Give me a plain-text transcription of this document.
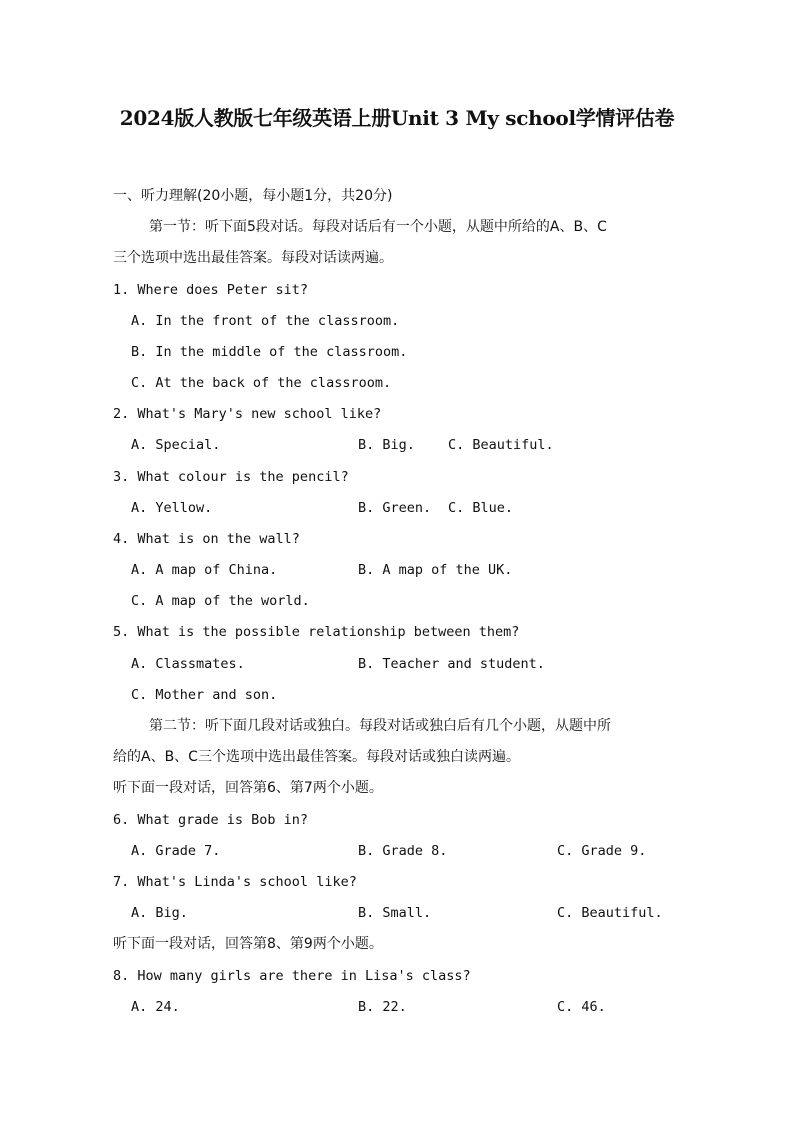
2024版人教版七年级英语上册Unit 3 My school学情评估卷
一、听力理解(20小题，每小题1分，共20分)
第一节：听下面5段对话。每段对话后有一个小题，从题中所给的A、B、C
三个选项中选出最佳答案。每段对话读两遍。
1. Where does Peter sit?
A. In the front of the classroom.
B. In the middle of the classroom.
C. At the back of the classroom.
2. What's Mary's new school like?
A. Special.	B. Big. C. Beautiful.
3. What colour is the pencil?
A. Yellow.	B. Green. C. Blue.
4. What is on the wall?
A. A map of China.	B. A map of the UK.
C. A map of the world.
5. What is the possible relationship between them?
A. Classmates.	B. Teacher and student.
C. Mother and son.
第二节：听下面几段对话或独白。每段对话或独白后有几个小题，从题中所
给的A、B、C三个选项中选出最佳答案。每段对话或独白读两遍。
听下面一段对话，回答第6、第7两个小题。
6. What grade is Bob in?
A. Grade 7.	B. Grade 8.	C. Grade 9.
7. What's Linda's school like?
A. Big.	B. Small.	C. Beautiful.
听下面一段对话，回答第8、第9两个小题。
8. How many girls are there in Lisa's class?
A. 24.	B. 22.	C. 46.
